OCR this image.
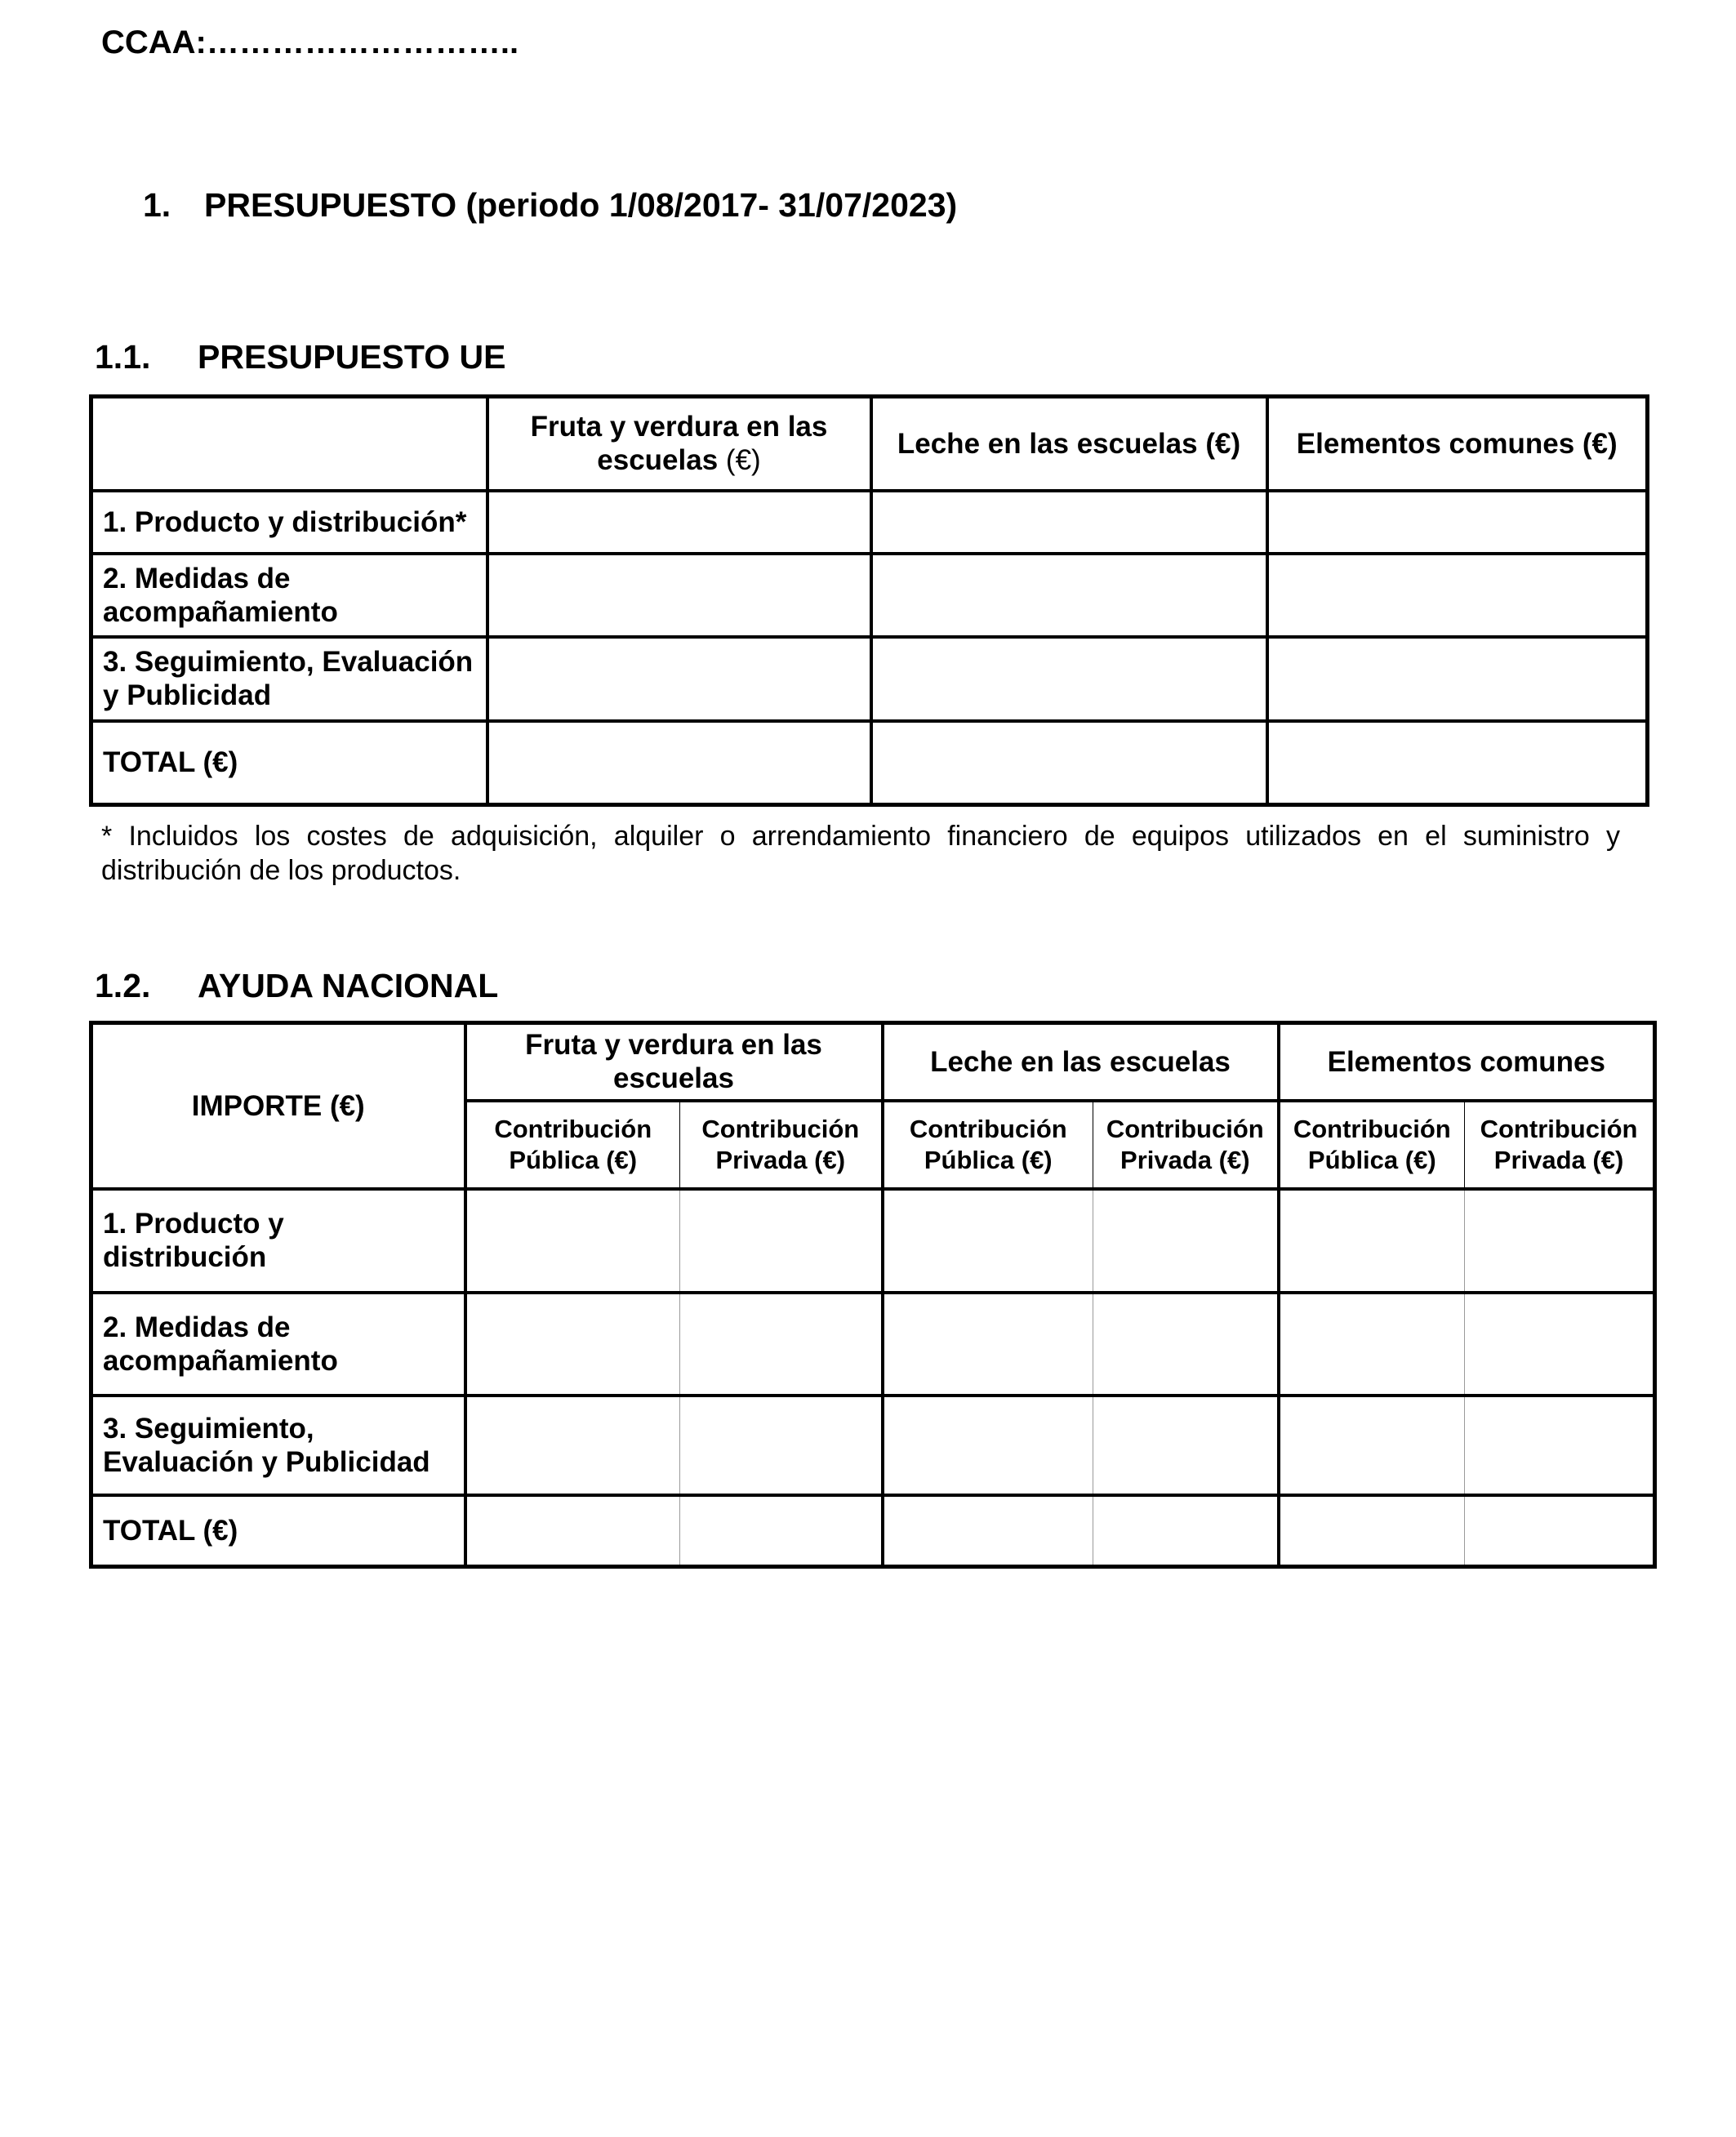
CCAA:………………………..
1. PRESUPUESTO (periodo 1/08/2017- 31/07/2023)
1.1. PRESUPUESTO UE
	Fruta y verdura en las escuelas (€)	Leche en las escuelas (€)	Elementos comunes (€)
1. Producto y distribución*			
2. Medidas de acompañamiento			
3. Seguimiento, Evaluación y Publicidad			
TOTAL (€)			
* Incluidos los costes de adquisición, alquiler o arrendamiento financiero de equipos utilizados en el suministro y distribución de los productos.
1.2. AYUDA NACIONAL
IMPORTE (€)	Fruta y verdura en las escuelas		Leche en las escuelas		Elementos comunes	
	Contribución Pública (€)	Contribución Privada (€)	Contribución Pública (€)	Contribución Privada (€)	Contribución Pública (€)	Contribución Privada (€)
1. Producto y distribución						
2. Medidas de acompañamiento						
3. Seguimiento, Evaluación y Publicidad						
TOTAL (€)						
